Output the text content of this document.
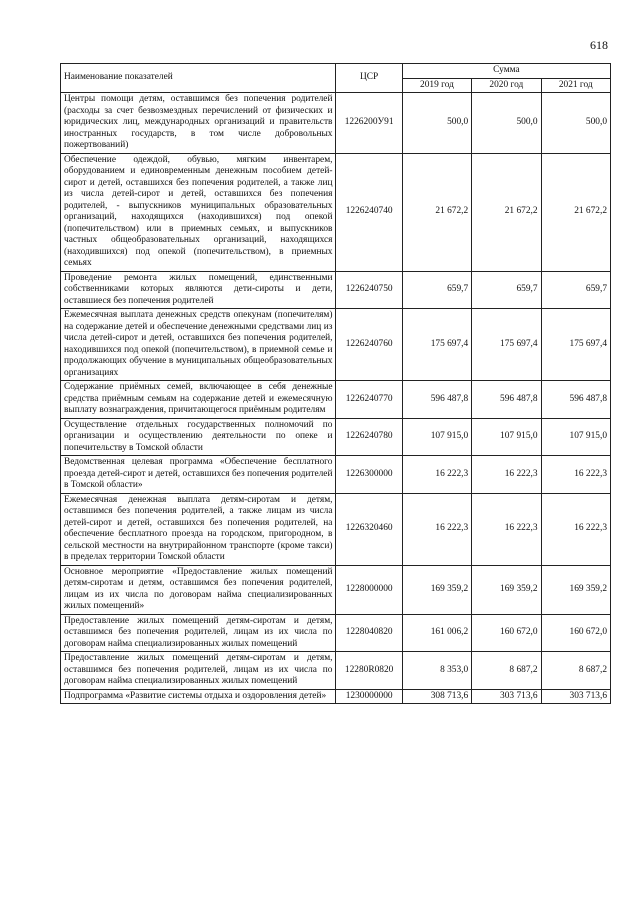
618
Наименование показателей	ЦСР	Сумма		
		2019 год	2020 год	2021 год
Центры помощи детям, оставшимся без попечения родителей (расходы за счет безвозмездных перечислений от физических и юридических лиц, международных организаций и правительств иностранных государств, в том числе добровольных пожертвований)	1226200У91	500,0	500,0	500,0
Обеспечение одеждой, обувью, мягким инвентарем, оборудованием и единовременным денежным пособием детей-сирот и детей, оставшихся без попечения родителей, а также лиц из числа детей-сирот и детей, оставшихся без попечения родителей, - выпускников муниципальных образовательных организаций, находящихся (находившихся) под опекой (попечительством) или в приемных семьях, и выпускников частных общеобразовательных организаций, находящихся (находившихся) под опекой (попечительством), в приемных семьях	1226240740	21 672,2	21 672,2	21 672,2
Проведение ремонта жилых помещений, единственными собственниками которых являются дети-сироты и дети, оставшиеся без попечения родителей	1226240750	659,7	659,7	659,7
Ежемесячная выплата денежных средств опекунам (попечителям) на содержание детей и обеспечение денежными средствами лиц из числа детей-сирот и детей, оставшихся без попечения родителей, находившихся под опекой (попечительством), в приемной семье и продолжающих обучение в муниципальных общеобразовательных организациях	1226240760	175 697,4	175 697,4	175 697,4
Содержание приёмных семей, включающее в себя денежные средства приёмным семьям на содержание детей и ежемесячную выплату вознаграждения, причитающегося приёмным родителям	1226240770	596 487,8	596 487,8	596 487,8
Осуществление отдельных государственных полномочий по организации и осуществлению деятельности по опеке и попечительству в Томской области	1226240780	107 915,0	107 915,0	107 915,0
Ведомственная целевая программа «Обеспечение бесплатного проезда детей-сирот и детей, оставшихся без попечения родителей в Томской области»	1226300000	16 222,3	16 222,3	16 222,3
Ежемесячная денежная выплата детям-сиротам и детям, оставшимся без попечения родителей, а также лицам из числа детей-сирот и детей, оставшихся без попечения родителей, на обеспечение бесплатного проезда на городском, пригородном, в сельской местности на внутрирайонном транспорте (кроме такси) в пределах территории Томской области	1226320460	16 222,3	16 222,3	16 222,3
Основное мероприятие «Предоставление жилых помещений детям-сиротам и детям, оставшимся без попечения родителей, лицам из их числа по договорам найма специализированных жилых помещений»	1228000000	169 359,2	169 359,2	169 359,2
Предоставление жилых помещений детям-сиротам и детям, оставшимся без попечения родителей, лицам из их числа по договорам найма специализированных жилых помещений	1228040820	161 006,2	160 672,0	160 672,0
Предоставление жилых помещений детям-сиротам и детям, оставшимся без попечения родителей, лицам из их числа по договорам найма специализированных жилых помещений	12280R0820	8 353,0	8 687,2	8 687,2
Подпрограмма «Развитие системы отдыха и оздоровления детей»	1230000000	308 713,6	303 713,6	303 713,6
